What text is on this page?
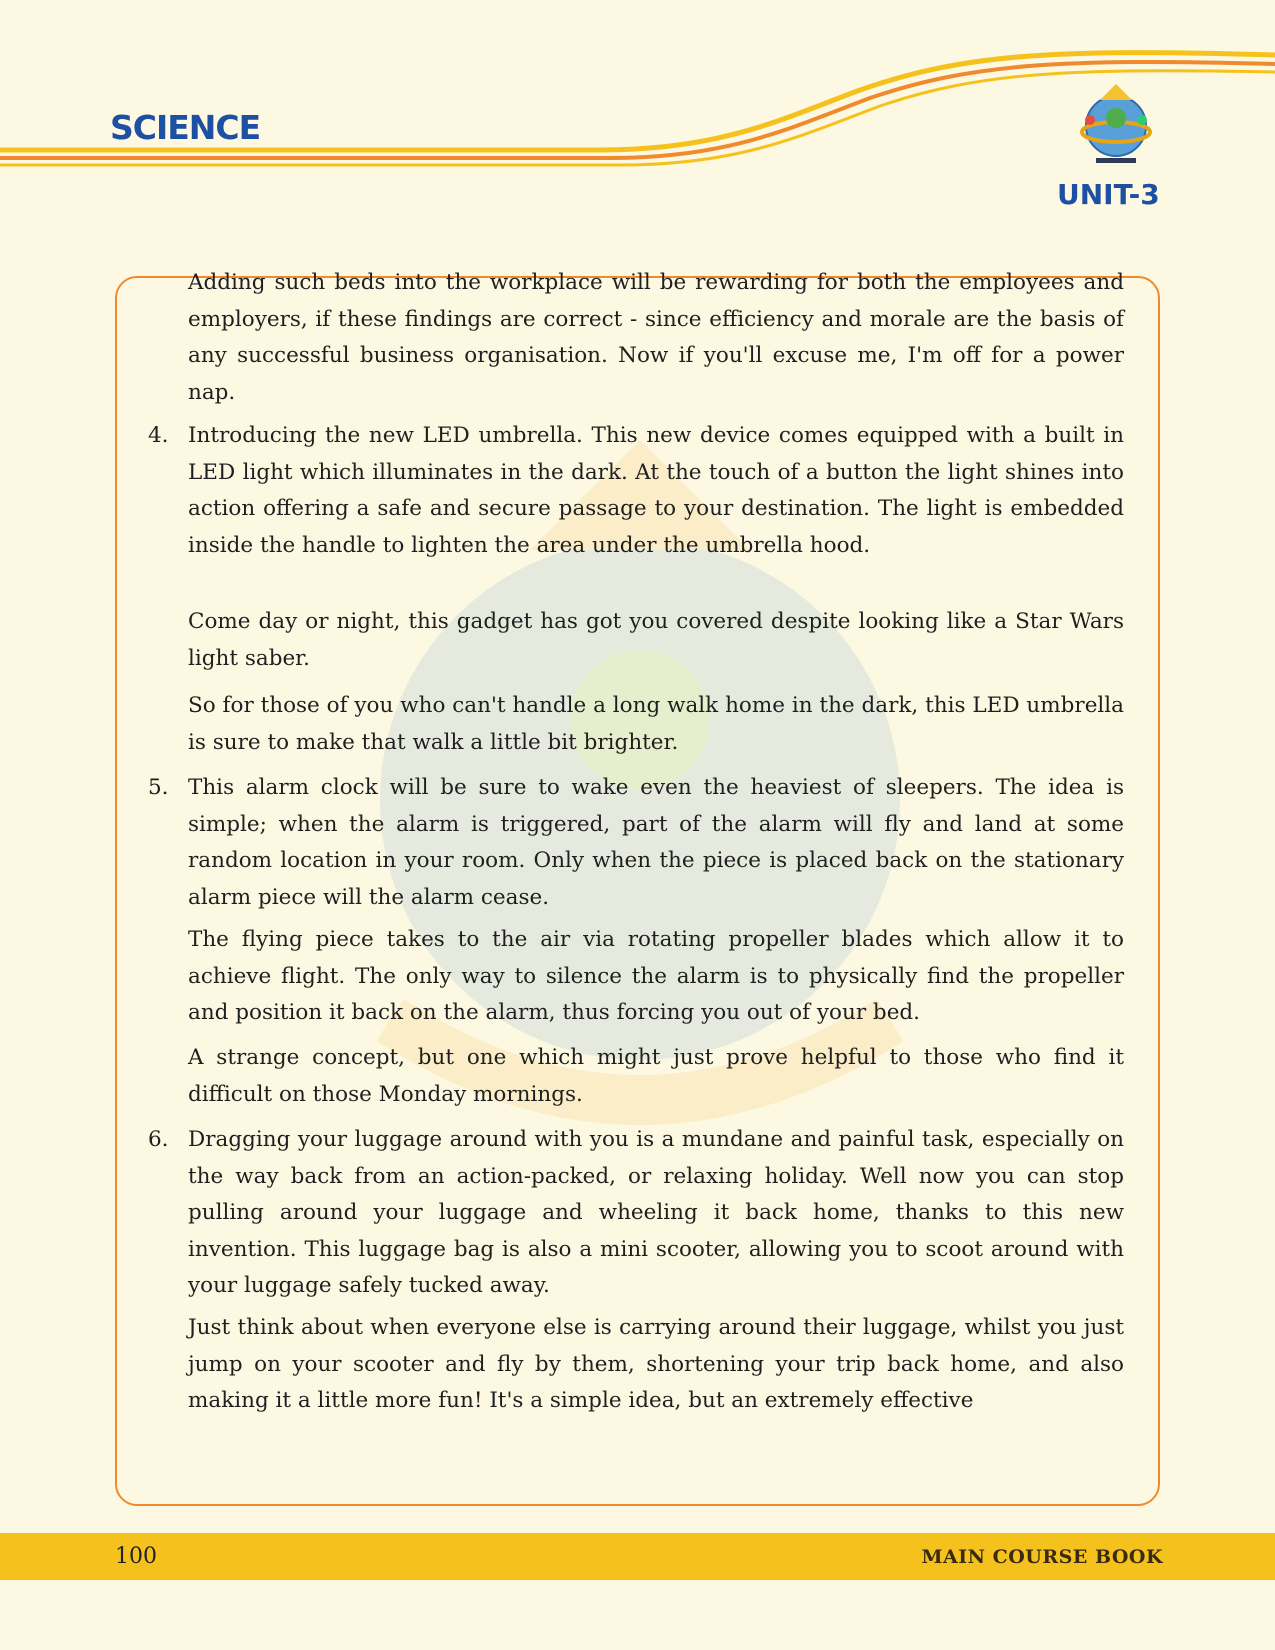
SCIENCE
UNIT-3

Adding such beds into the workplace will be rewarding for both the employees and employers, if these findings are correct - since efficiency and morale are the basis of any successful business organisation. Now if you'll excuse me, I'm off for a power nap.

4. Introducing the new LED umbrella. This new device comes equipped with a built in LED light which illuminates in the dark. At the touch of a button the light shines into action offering a safe and secure passage to your destination. The light is embedded inside the handle to lighten the area under the umbrella hood.

Come day or night, this gadget has got you covered despite looking like a Star Wars light saber.

So for those of you who can't handle a long walk home in the dark, this LED umbrella is sure to make that walk a little bit brighter.

5. This alarm clock will be sure to wake even the heaviest of sleepers. The idea is simple; when the alarm is triggered, part of the alarm will fly and land at some random location in your room. Only when the piece is placed back on the stationary alarm piece will the alarm cease.

The flying piece takes to the air via rotating propeller blades which allow it to achieve flight. The only way to silence the alarm is to physically find the propeller and position it back on the alarm, thus forcing you out of your bed.

A strange concept, but one which might just prove helpful to those who find it difficult on those Monday mornings.

6. Dragging your luggage around with you is a mundane and painful task, especially on the way back from an action-packed, or relaxing holiday. Well now you can stop pulling around your luggage and wheeling it back home, thanks to this new invention. This luggage bag is also a mini scooter, allowing you to scoot around with your luggage safely tucked away.

Just think about when everyone else is carrying around their luggage, whilst you just jump on your scooter and fly by them, shortening your trip back home, and also making it a little more fun! It's a simple idea, but an extremely effective

100	MAIN COURSE BOOK
